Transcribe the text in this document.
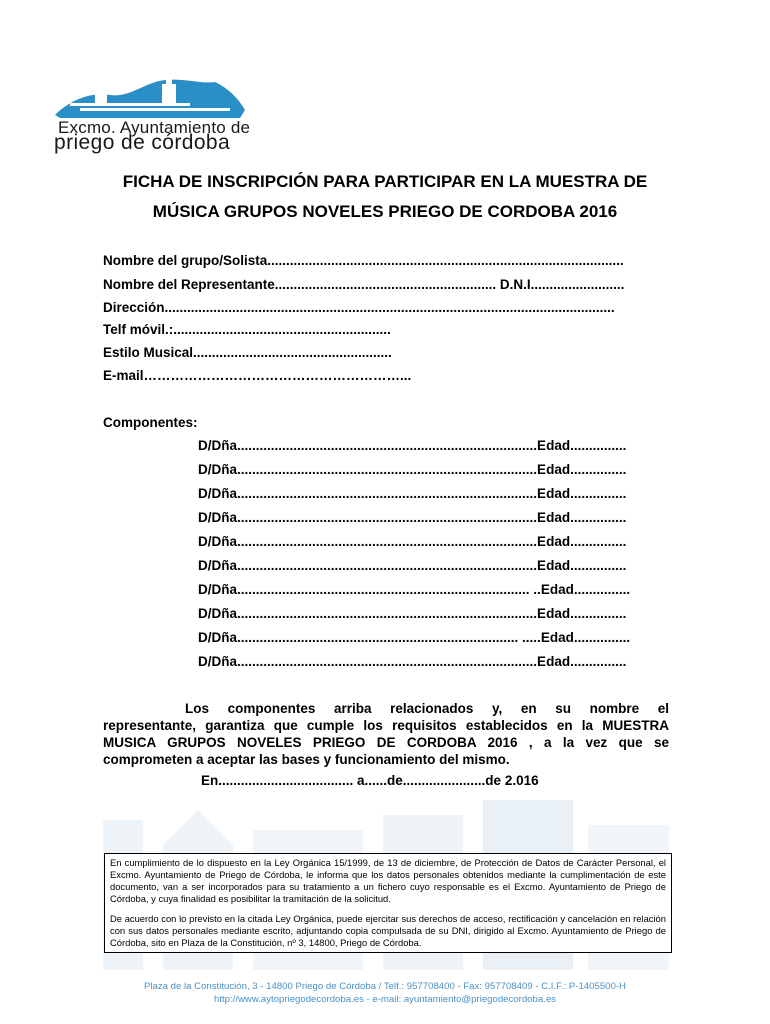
Excmo. Ayuntamiento de
priego de córdoba
FICHA DE INSCRIPCIÓN PARA PARTICIPAR EN LA MUESTRA DE
MÚSICA GRUPOS NOVELES PRIEGO DE CORDOBA 2016
Nombre del grupo/Solista...............................................................................................
Nombre del Representante........................................................... D.N.I.........................
Dirección........................................................................................................................
Telf móvil.:..........................................................
Estilo Musical.....................................................
E-mail…………………………………………………...
Componentes:
D/Dña................................................................................Edad...............
D/Dña................................................................................Edad...............
D/Dña................................................................................Edad...............
D/Dña................................................................................Edad...............
D/Dña................................................................................Edad...............
D/Dña................................................................................Edad...............
D/Dña.............................................................................. ..Edad...............
D/Dña................................................................................Edad...............
D/Dña........................................................................... .....Edad...............
D/Dña................................................................................Edad...............
Los componentes arriba relacionados y, en su nombre el
representante, garantiza que cumple los requisitos establecidos en la MUESTRA
MUSICA GRUPOS NOVELES PRIEGO DE CORDOBA 2016 , a la vez que se
comprometen a aceptar las bases y funcionamiento del mismo.
En.................................... a......de......................de 2.016

En cumplimiento de lo dispuesto en la Ley Orgánica 15/1999, de 13 de diciembre, de Protección de Datos de Carácter Personal, el Excmo. Ayuntamiento de Priego de Córdoba, le informa que los datos personales obtenidos mediante la cumplimentación de este documento, van a ser incorporados para su tratamiento a un fichero cuyo responsable es el Excmo. Ayuntamiento de Priego de Córdoba, y cuya finalidad es posibilitar la tramitación de la solicitud.

De acuerdo con lo previsto en la citada Ley Orgánica, puede ejercitar sus derechos de acceso, rectificación y cancelación en relación con sus datos personales mediante escrito, adjuntando copia compulsada de su DNI, dirigido al Excmo. Ayuntamiento de Priego de Córdoba, sito en Plaza de la Constitución, nº 3, 14800, Priego de Córdoba.

Plaza de la Constitución, 3 - 14800 Priego de Córdoba / Telf.: 957708400 - Fax: 957708409 - C.I.F.: P-1405500-H
http://www.aytopriegodecordoba.es - e-mail: ayuntamiento@priegodecordoba.es
